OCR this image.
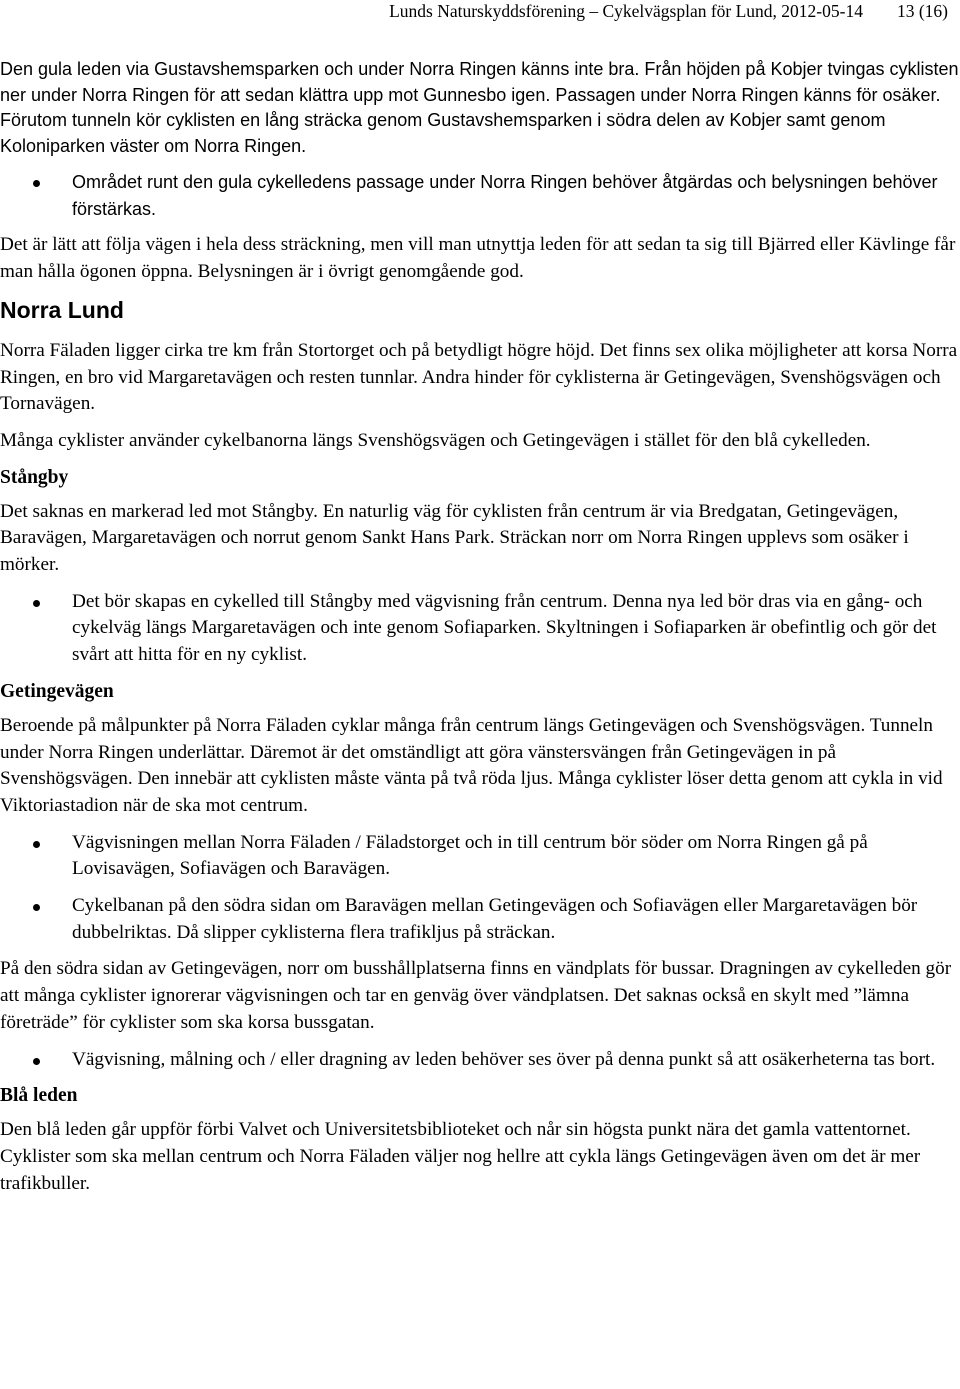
Lunds Naturskyddsförening – Cykelvägsplan för Lund, 2012-05-14 13 (16)

Den gula leden via Gustavshemsparken och under Norra Ringen känns inte bra. Från höjden på Kobjer tvingas cyklisten ner under Norra Ringen för att sedan klättra upp mot Gunnesbo igen. Passagen under Norra Ringen känns för osäker. Förutom tunneln kör cyklisten en lång sträcka genom Gustavshemsparken i södra delen av Kobjer samt genom Koloniparken väster om Norra Ringen.

Området runt den gula cykelledens passage under Norra Ringen behöver åtgärdas och belysningen behöver förstärkas.

Det är lätt att följa vägen i hela dess sträckning, men vill man utnyttja leden för att sedan ta sig till Bjärred eller Kävlinge får man hålla ögonen öppna. Belysningen är i övrigt genomgående god.

Norra Lund

Norra Fäladen ligger cirka tre km från Stortorget och på betydligt högre höjd. Det finns sex olika möjligheter att korsa Norra Ringen, en bro vid Margaretavägen och resten tunnlar. Andra hinder för cyklisterna är Getingevägen, Svenshögsvägen och Tornavägen.

Många cyklister använder cykelbanorna längs Svenshögsvägen och Getingevägen i stället för den blå cykelleden.

Stångby

Det saknas en markerad led mot Stångby. En naturlig väg för cyklisten från centrum är via Bredgatan, Getingevägen, Baravägen, Margaretavägen och norrut genom Sankt Hans Park. Sträckan norr om Norra Ringen upplevs som osäker i mörker.

Det bör skapas en cykelled till Stångby med vägvisning från centrum. Denna nya led bör dras via en gång- och cykelväg längs Margaretavägen och inte genom Sofiaparken. Skyltningen i Sofiaparken är obefintlig och gör det svårt att hitta för en ny cyklist.
Getingevägen

Beroende på målpunkter på Norra Fäladen cyklar många från centrum längs Getingevägen och Svenshögsvägen. Tunneln under Norra Ringen underlättar. Däremot är det omständligt att göra vänstersvängen från Getingevägen in på Svenshögsvägen. Den innebär att cyklisten måste vänta på två röda ljus. Många cyklister löser detta genom att cykla in vid Viktoriastadion när de ska mot centrum.

Vägvisningen mellan Norra Fäladen / Fäladstorget och in till centrum bör söder om Norra Ringen gå på Lovisavägen, Sofiavägen och Baravägen.
Cykelbanan på den södra sidan om Baravägen mellan Getingevägen och Sofiavägen eller Margaretavägen bör dubbelriktas. Då slipper cyklisterna flera trafikljus på sträckan.

På den södra sidan av Getingevägen, norr om busshållplatserna finns en vändplats för bussar. Dragningen av cykelleden gör att många cyklister ignorerar vägvisningen och tar en genväg över vändplatsen. Det saknas också en skylt med ”lämna företräde” för cyklister som ska korsa bussgatan.

Vägvisning, målning och / eller dragning av leden behöver ses över på denna punkt så att osäkerheterna tas bort.
Blå leden

Den blå leden går uppför förbi Valvet och Universitetsbiblioteket och når sin högsta punkt nära det gamla vattentornet. Cyklister som ska mellan centrum och Norra Fäladen väljer nog hellre att cykla längs Getingevägen även om det är mer trafikbuller.
